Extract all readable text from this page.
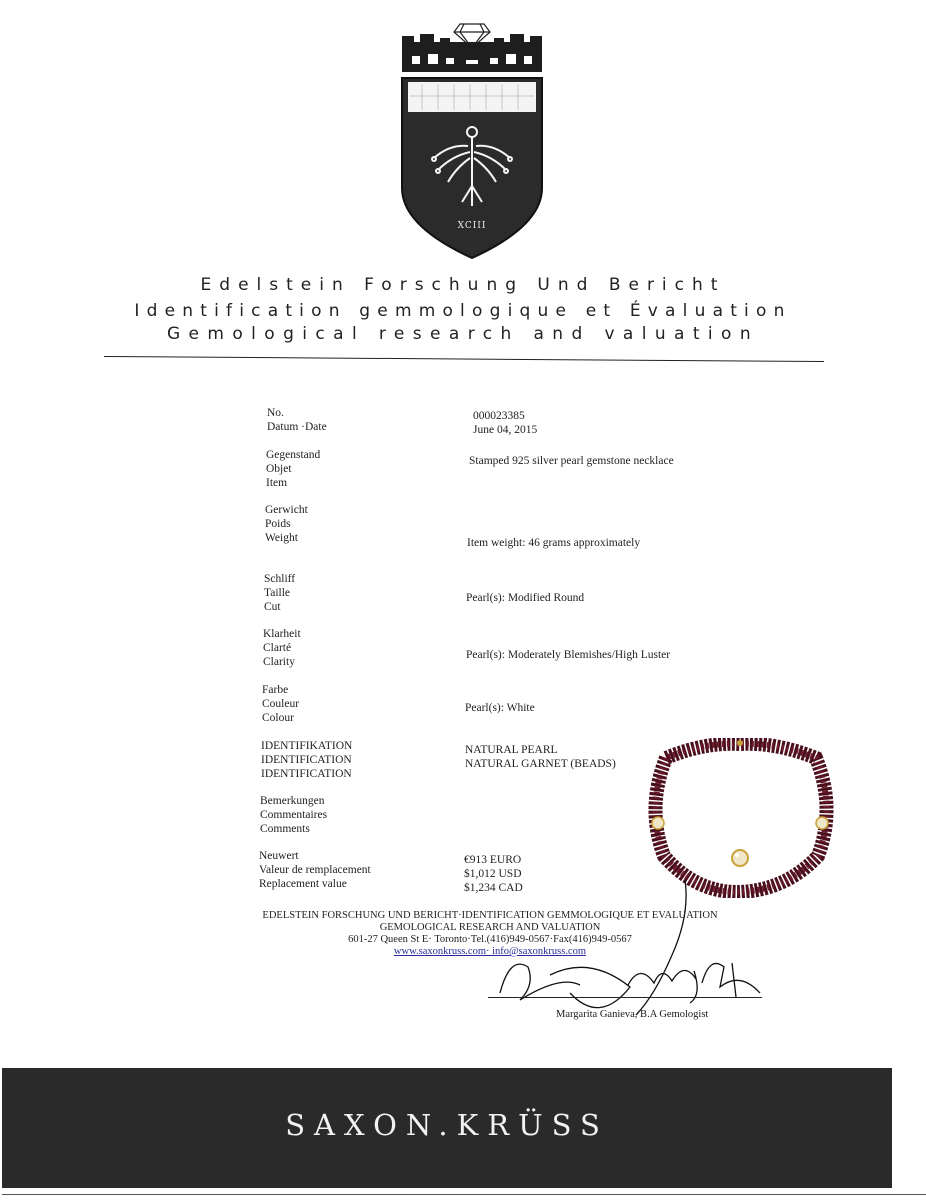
XCIII
Edelstein Forschung Und Bericht
Identification gemmologique et Évaluation
Gemological research and valuation
No.
Datum ·Date
000023385
June 04, 2015
Gegenstand
Objet
Item
Stamped 925 silver pearl gemstone necklace
Gerwicht
Poids
Weight	Item weight: 46 grams approximately
Schliff
Taille
Cut
Pearl(s): Modified Round
Klarheit
Clarté
Clarity
Pearl(s): Moderately Blemishes/High Luster
Farbe
Couleur
Colour
Pearl(s): White
IDENTIFIKATION
IDENTIFICATION
IDENTIFICATION
NATURAL PEARL
NATURAL GARNET (BEADS)
Bemerkungen
Commentaires
Comments
Neuwert
Valeur de remplacement
Replacement value
€913 EURO
$1,012 USD
$1,234 CAD
EDELSTEIN FORSCHUNG UND BERICHT·IDENTIFICATION GEMMOLOGIQUE ET EVALUATION
GEMOLOGICAL RESEARCH AND VALUATION
601-27 Queen St E· Toronto·Tel.(416)949-0567·Fax(416)949-0567
www.saxonkruss.com· info@saxonkruss.com
Margarita Ganieva, B.A Gemologist
SAXON.KRÜSS
